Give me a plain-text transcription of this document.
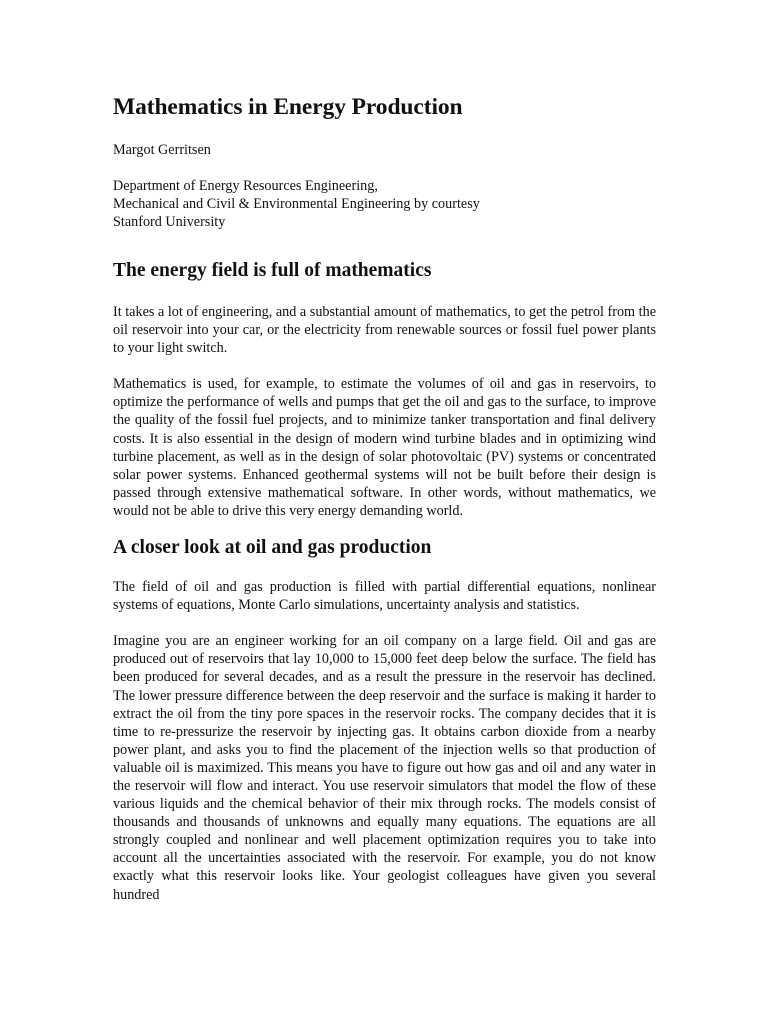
Mathematics in Energy Production
Margot Gerritsen
Department of Energy Resources Engineering,
Mechanical and Civil & Environmental Engineering by courtesy
Stanford University
The energy field is full of mathematics

It takes a lot of engineering, and a substantial amount of mathematics, to get the petrol from the oil reservoir into your car, or the electricity from renewable sources or fossil fuel power plants to your light switch.

Mathematics is used, for example, to estimate the volumes of oil and gas in reservoirs, to optimize the performance of wells and pumps that get the oil and gas to the surface, to improve the quality of the fossil fuel projects, and to minimize tanker transportation and final delivery costs. It is also essential in the design of modern wind turbine blades and in optimizing wind turbine placement, as well as in the design of solar photovoltaic (PV) systems or concentrated solar power systems. Enhanced geothermal systems will not be built before their design is passed through extensive mathematical software. In other words, without mathematics, we would not be able to drive this very energy demanding world.

A closer look at oil and gas production

The field of oil and gas production is filled with partial differential equations, nonlinear systems of equations, Monte Carlo simulations, uncertainty analysis and statistics.

Imagine you are an engineer working for an oil company on a large field. Oil and gas are produced out of reservoirs that lay 10,000 to 15,000 feet deep below the surface. The field has been produced for several decades, and as a result the pressure in the reservoir has declined. The lower pressure difference between the deep reservoir and the surface is making it harder to extract the oil from the tiny pore spaces in the reservoir rocks. The company decides that it is time to re-pressurize the reservoir by injecting gas. It obtains carbon dioxide from a nearby power plant, and asks you to find the placement of the injection wells so that production of valuable oil is maximized. This means you have to figure out how gas and oil and any water in the reservoir will flow and interact. You use reservoir simulators that model the flow of these various liquids and the chemical behavior of their mix through rocks. The models consist of thousands and thousands of unknowns and equally many equations. The equations are all strongly coupled and nonlinear and well placement optimization requires you to take into account all the uncertainties associated with the reservoir. For example, you do not know exactly what this reservoir looks like. Your geologist colleagues have given you several hundred
